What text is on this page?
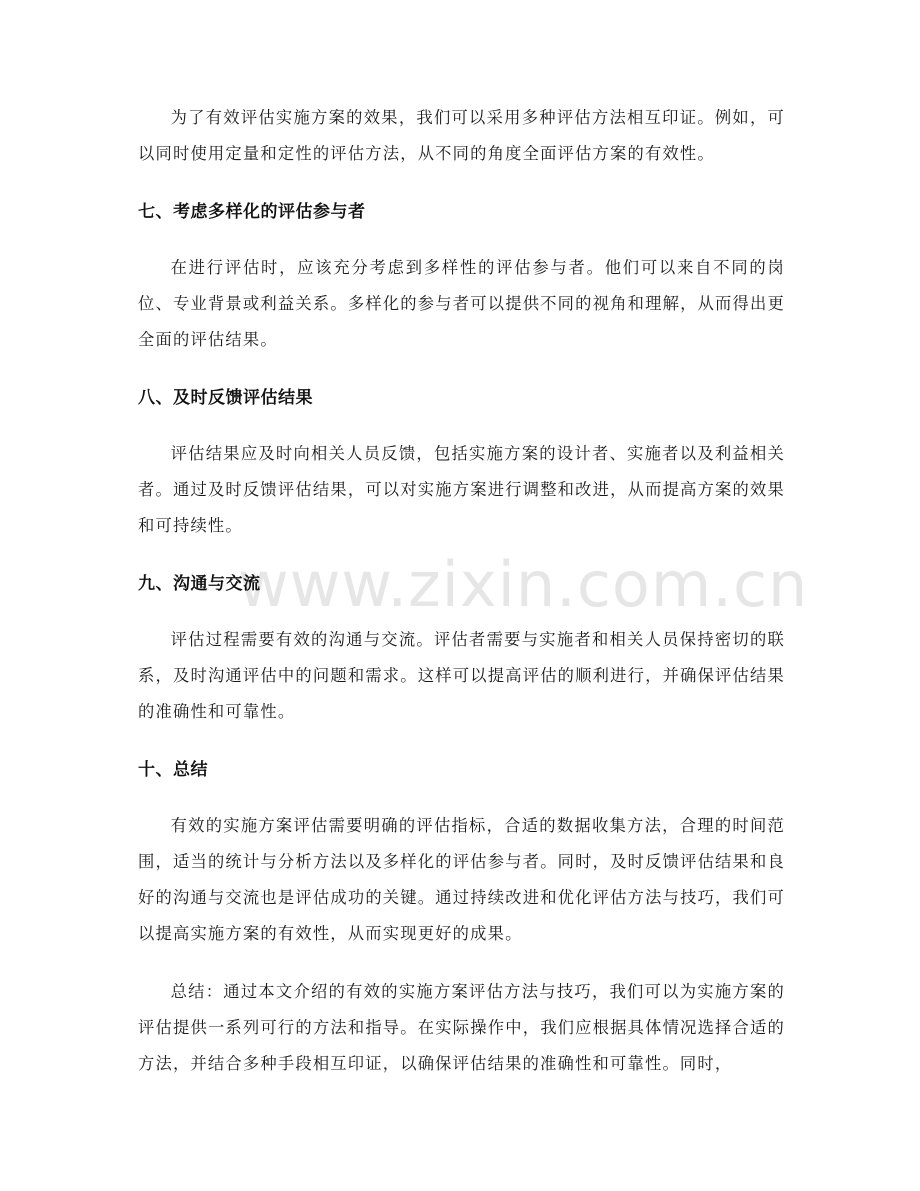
www.zixin.com.cn

为了有效评估实施方案的效果，我们可以采用多种评估方法相互印证。例如，可以同时使用定量和定性的评估方法，从不同的角度全面评估方案的有效性。

七、考虑多样化的评估参与者

在进行评估时，应该充分考虑到多样性的评估参与者。他们可以来自不同的岗位、专业背景或利益关系。多样化的参与者可以提供不同的视角和理解，从而得出更全面的评估结果。

八、及时反馈评估结果

评估结果应及时向相关人员反馈，包括实施方案的设计者、实施者以及利益相关者。通过及时反馈评估结果，可以对实施方案进行调整和改进，从而提高方案的效果和可持续性。

九、沟通与交流

评估过程需要有效的沟通与交流。评估者需要与实施者和相关人员保持密切的联系，及时沟通评估中的问题和需求。这样可以提高评估的顺利进行，并确保评估结果的准确性和可靠性。

十、总结

有效的实施方案评估需要明确的评估指标，合适的数据收集方法，合理的时间范围，适当的统计与分析方法以及多样化的评估参与者。同时，及时反馈评估结果和良好的沟通与交流也是评估成功的关键。通过持续改进和优化评估方法与技巧，我们可以提高实施方案的有效性，从而实现更好的成果。

总结：通过本文介绍的有效的实施方案评估方法与技巧，我们可以为实施方案的评估提供一系列可行的方法和指导。在实际操作中，我们应根据具体情况选择合适的方法，并结合多种手段相互印证，以确保评估结果的准确性和可靠性。同时，
